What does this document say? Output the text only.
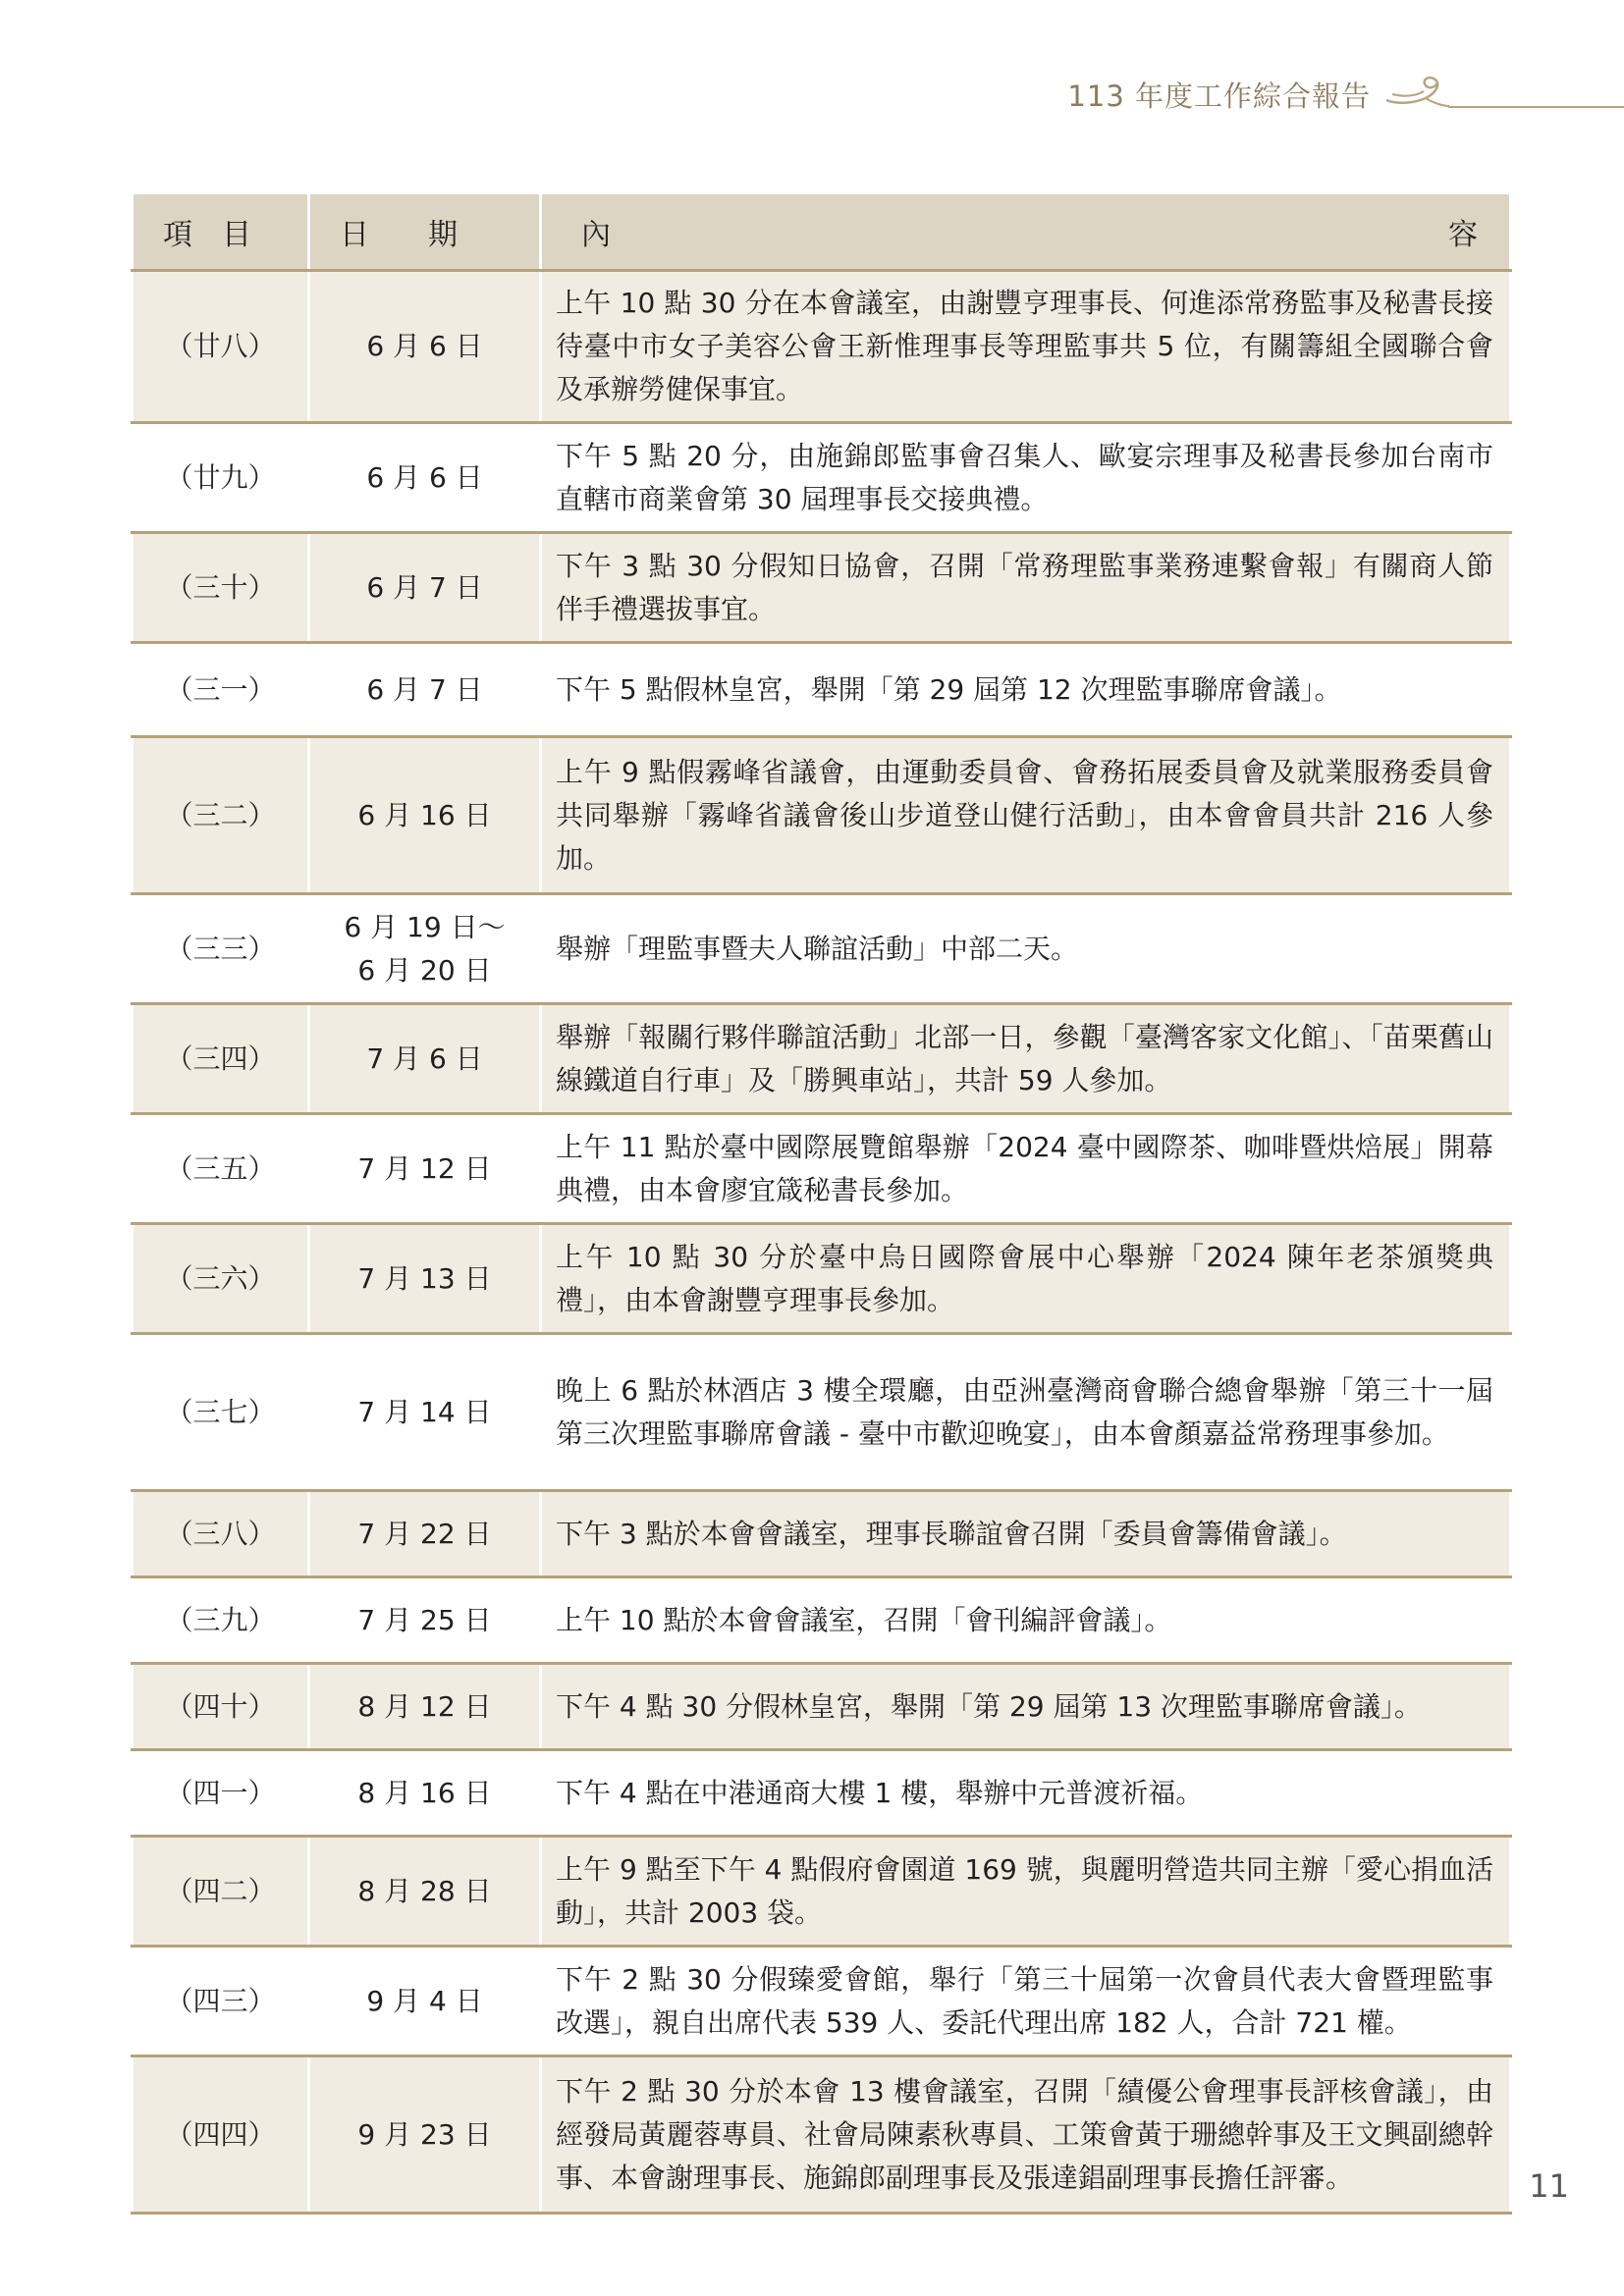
113 年度工作綜合報告
項　目	日　　期	內 容

（廿八）	6 月 6 日	上午 10 點 30 分在本會議室，由謝豐亨理事長、何進添常務監事及秘書長接待臺中市女子美容公會王新惟理事長等理監事共 5 位，有關籌組全國聯合會及承辦勞健保事宜。
（廿九）	6 月 6 日	下午 5 點 20 分，由施錦郎監事會召集人、歐宴宗理事及秘書長參加台南市直轄市商業會第 30 屆理事長交接典禮。
（三十）	6 月 7 日	下午 3 點 30 分假知日協會，召開「常務理監事業務連繫會報」有關商人節伴手禮選拔事宜。
（三一）	6 月 7 日	下午 5 點假林皇宮，舉開「第 29 屆第 12 次理監事聯席會議」。
（三二）	6 月 16 日	上午 9 點假霧峰省議會，由運動委員會、會務拓展委員會及就業服務委員會共同舉辦「霧峰省議會後山步道登山健行活動」，由本會會員共計 216 人參加。
（三三）	6 月 19 日～
6 月 20 日	舉辦「理監事暨夫人聯誼活動」中部二天。
（三四）	7 月 6 日	舉辦「報關行夥伴聯誼活動」北部一日，參觀「臺灣客家文化館」、「苗栗舊山線鐵道自行車」及「勝興車站」，共計 59 人參加。
（三五）	7 月 12 日	上午 11 點於臺中國際展覽館舉辦「2024 臺中國際茶、咖啡暨烘焙展」開幕典禮，由本會廖宜箴秘書長參加。
（三六）	7 月 13 日	上午 10 點 30 分於臺中烏日國際會展中心舉辦「2024 陳年老茶頒獎典禮」，由本會謝豐亨理事長參加。
（三七）	7 月 14 日	晚上 6 點於林酒店 3 樓全環廳，由亞洲臺灣商會聯合總會舉辦「第三十一屆第三次理監事聯席會議 - 臺中市歡迎晚宴」，由本會顏嘉益常務理事參加。
（三八）	7 月 22 日	下午 3 點於本會會議室，理事長聯誼會召開「委員會籌備會議」。
（三九）	7 月 25 日	上午 10 點於本會會議室，召開「會刊編評會議」。
（四十）	8 月 12 日	下午 4 點 30 分假林皇宮，舉開「第 29 屆第 13 次理監事聯席會議」。
（四一）	8 月 16 日	下午 4 點在中港通商大樓 1 樓，舉辦中元普渡祈福。
（四二）	8 月 28 日	上午 9 點至下午 4 點假府會園道 169 號，與麗明營造共同主辦「愛心捐血活動」，共計 2003 袋。
（四三）	9 月 4 日	下午 2 點 30 分假臻愛會館，舉行「第三十屆第一次會員代表大會暨理監事改選」，親自出席代表 539 人、委託代理出席 182 人，合計 721 權。
（四四）	9 月 23 日	下午 2 點 30 分於本會 13 樓會議室，召開「績優公會理事長評核會議」，由經發局黃麗蓉專員、社會局陳素秋專員、工策會黃于珊總幹事及王文興副總幹事、本會謝理事長、施錦郎副理事長及張達錩副理事長擔任評審。	11
